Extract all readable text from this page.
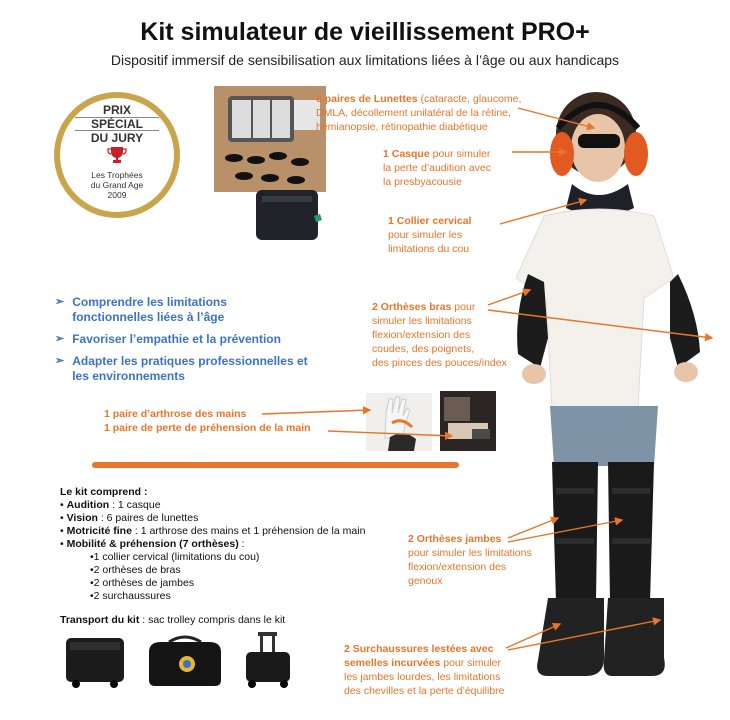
Kit simulateur de vieillissement PRO+
Dispositif immersif de sensibilisation aux limitations liées à l’âge ou aux handicaps
PRIX
SPÉCIAL
DU JURY
Les Trophées
du Grand Age
2009
6 paires de Lunettes (cataracte, glaucome,
DMLA, décollement unilatéral de la rétine,
hémianopsie, rétinopathie diabétique
1 Casque pour simuler
la perte d’audition avec
la presbyacousie
1 Collier cervical
pour simuler les
limitations du cou
2 Orthèses bras pour
simuler les limitations
flexion/extension des
coudes, des poignets,
des pinces des pouces/index
➢ Comprendre les limitations
fonctionnelles liées à l’âge
➢ Favoriser l’empathie et la prévention
➢ Adapter les pratiques professionnelles et
les environnements
1 paire d’arthrose des mains
1 paire de perte de préhension de la main
Le kit comprend :
• Audition : 1 casque
• Vision : 6 paires de lunettes
• Motricité fine : 1 arthrose des mains et 1 préhension de la main
• Mobilité & préhension (7 orthèses) :
•1 collier cervical (limitations du cou)
•2 orthèses de bras
•2 orthèses de jambes
•2 surchaussures
Transport du kit : sac trolley compris dans le kit
2 Orthèses jambes
pour simuler les limitations
flexion/extension des
genoux
2 Surchaussures lestées avec
semelles incurvées pour simuler
les jambes lourdes, les limitations
des chevilles et la perte d’équilibre
